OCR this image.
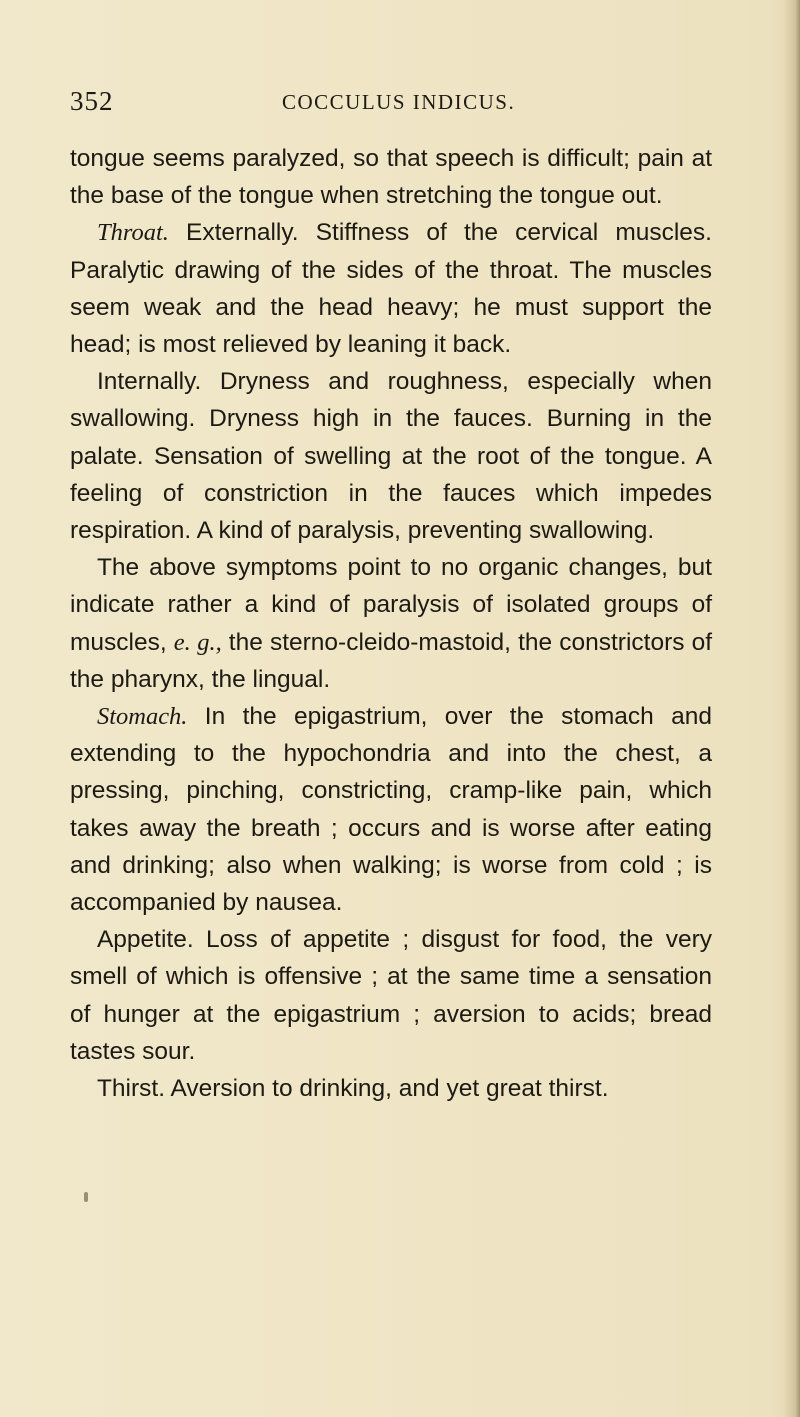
352	COCCULUS INDICUS.

tongue seems paralyzed, so that speech is difficult; pain at the base of the tongue when stretching the tongue out.

Throat. Externally. Stiffness of the cervical muscles. Paralytic drawing of the sides of the throat. The muscles seem weak and the head heavy; he must support the head; is most relieved by leaning it back.

Internally. Dryness and roughness, especially when swallowing. Dryness high in the fauces. Burning in the palate. Sensation of swelling at the root of the tongue. A feeling of constriction in the fauces which impedes respiration. A kind of paralysis, preventing swallowing.

The above symptoms point to no organic changes, but indicate rather a kind of paralysis of isolated groups of muscles, e. g., the sterno-cleido-mastoid, the constrictors of the pharynx, the lingual.

Stomach. In the epigastrium, over the stomach and extending to the hypochondria and into the chest, a pressing, pinching, constricting, cramp-like pain, which takes away the breath ; occurs and is worse after eating and drinking; also when walking; is worse from cold ; is accompanied by nausea.

Appetite. Loss of appetite ; disgust for food, the very smell of which is offensive ; at the same time a sensation of hunger at the epigastrium ; aversion to acids; bread tastes sour.

Thirst. Aversion to drinking, and yet great thirst.
